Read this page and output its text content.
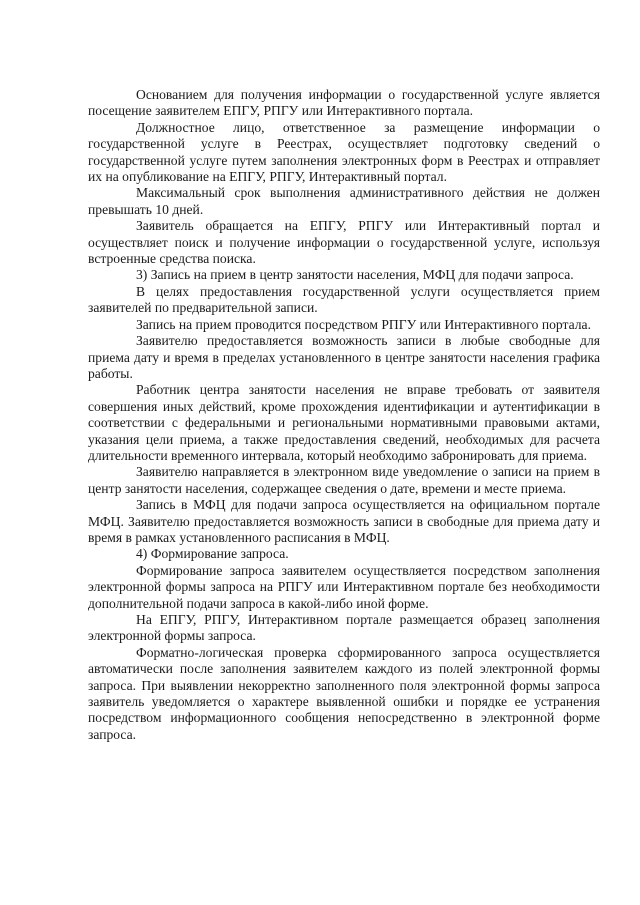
Основанием для получения информации о государственной услуге является посещение заявителем ЕПГУ, РПГУ или Интерактивного портала.

Должностное лицо, ответственное за размещение информации о государственной услуге в Реестрах, осуществляет подготовку сведений о государственной услуге путем заполнения электронных форм в Реестрах и отправляет их на опубликование на ЕПГУ, РПГУ, Интерактивный портал.

Максимальный срок выполнения административного действия не должен превышать 10 дней.

Заявитель обращается на ЕПГУ, РПГУ или Интерактивный портал и осуществляет поиск и получение информации о государственной услуге, используя встроенные средства поиска.

3) Запись на прием в центр занятости населения, МФЦ для подачи запроса.

В целях предоставления государственной услуги осуществляется прием заявителей по предварительной записи.

Запись на прием проводится посредством РПГУ или Интерактивного портала.

Заявителю предоставляется возможность записи в любые свободные для приема дату и время в пределах установленного в центре занятости населения графика работы.

Работник центра занятости населения не вправе требовать от заявителя совершения иных действий, кроме прохождения идентификации и аутентификации в соответствии с федеральными и региональными нормативными правовыми актами, указания цели приема, а также предоставления сведений, необходимых для расчета длительности временного интервала, который необходимо забронировать для приема.

Заявителю направляется в электронном виде уведомление о записи на прием в центр занятости населения, содержащее сведения о дате, времени и месте приема.

Запись в МФЦ для подачи запроса осуществляется на официальном портале МФЦ. Заявителю предоставляется возможность записи в свободные для приема дату и время в рамках установленного расписания в МФЦ.

4) Формирование запроса.

Формирование запроса заявителем осуществляется посредством заполнения электронной формы запроса на РПГУ или Интерактивном портале без необходимости дополнительной подачи запроса в какой-либо иной форме.

На ЕПГУ, РПГУ, Интерактивном портале размещается образец заполнения электронной формы запроса.

Форматно-логическая проверка сформированного запроса осуществляется автоматически после заполнения заявителем каждого из полей электронной формы запроса. При выявлении некорректно заполненного поля электронной формы запроса заявитель уведомляется о характере выявленной ошибки и порядке ее устранения посредством информационного сообщения непосредственно в электронной форме запроса.
